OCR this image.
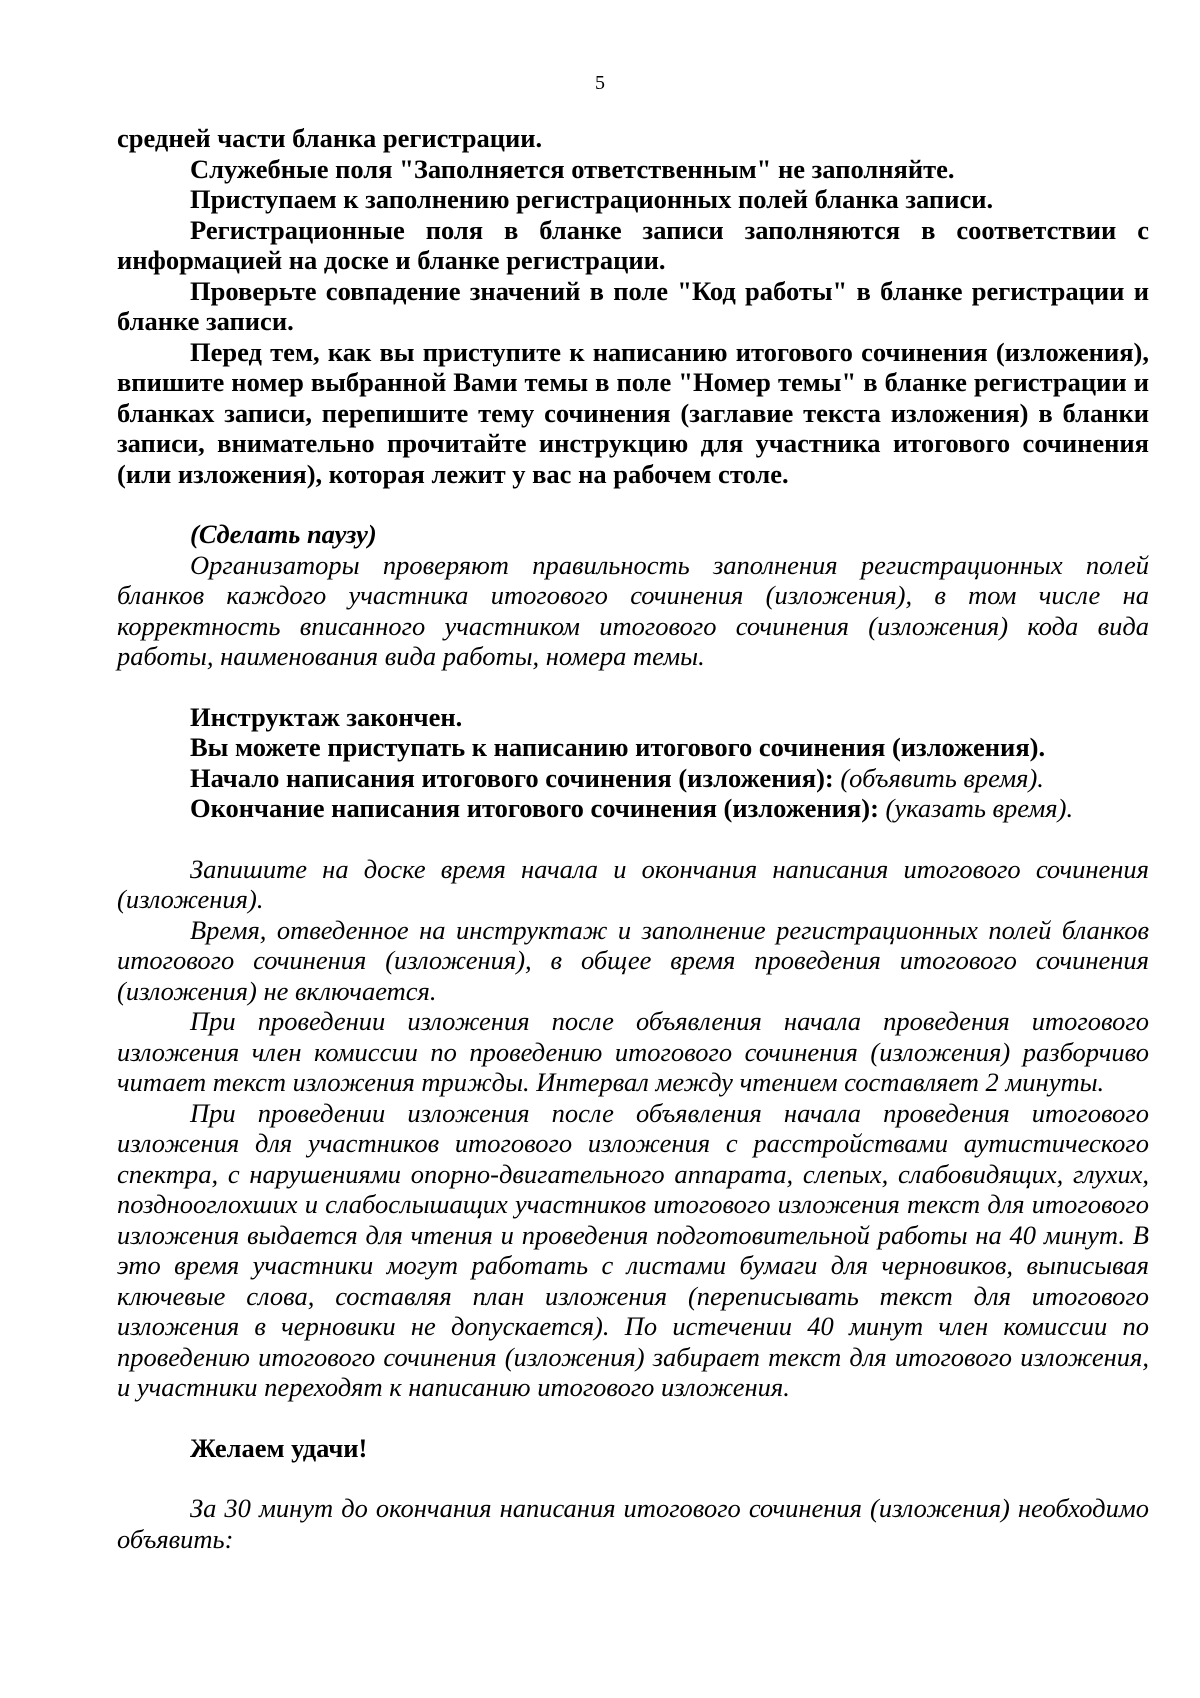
5

средней части бланка регистрации.

Служебные поля "Заполняется ответственным" не заполняйте.

Приступаем к заполнению регистрационных полей бланка записи.

Регистрационные поля в бланке записи заполняются в соответствии с информацией на доске и бланке регистрации.

Проверьте совпадение значений в поле "Код работы" в бланке регистрации и бланке записи.

Перед тем, как вы приступите к написанию итогового сочинения (изложения), впишите номер выбранной Вами темы в поле "Номер темы" в бланке регистрации и бланках записи, перепишите тему сочинения (заглавие текста изложения) в бланки записи, внимательно прочитайте инструкцию для участника итогового сочинения (или изложения), которая лежит у вас на рабочем столе.

(Сделать паузу)

Организаторы проверяют правильность заполнения регистрационных полей бланков каждого участника итогового сочинения (изложения), в том числе на корректность вписанного участником итогового сочинения (изложения) кода вида работы, наименования вида работы, номера темы.

Инструктаж закончен.

Вы можете приступать к написанию итогового сочинения (изложения).

Начало написания итогового сочинения (изложения): (объявить время).

Окончание написания итогового сочинения (изложения): (указать время).

Запишите на доске время начала и окончания написания итогового сочинения (изложения).

Время, отведенное на инструктаж и заполнение регистрационных полей бланков итогового сочинения (изложения), в общее время проведения итогового сочинения (изложения) не включается.

При проведении изложения после объявления начала проведения итогового изложения член комиссии по проведению итогового сочинения (изложения) разборчиво читает текст изложения трижды. Интервал между чтением составляет 2 минуты.

При проведении изложения после объявления начала проведения итогового изложения для участников итогового изложения с расстройствами аутистического спектра, с нарушениями опорно-двигательного аппарата, слепых, слабовидящих, глухих, позднооглохших и слабослышащих участников итогового изложения текст для итогового изложения выдается для чтения и проведения подготовительной работы на 40 минут. В это время участники могут работать с листами бумаги для черновиков, выписывая ключевые слова, составляя план изложения (переписывать текст для итогового изложения в черновики не допускается). По истечении 40 минут член комиссии по проведению итогового сочинения (изложения) забирает текст для итогового изложения, и участники переходят к написанию итогового изложения.

Желаем удачи!

За 30 минут до окончания написания итогового сочинения (изложения) необходимо объявить:
